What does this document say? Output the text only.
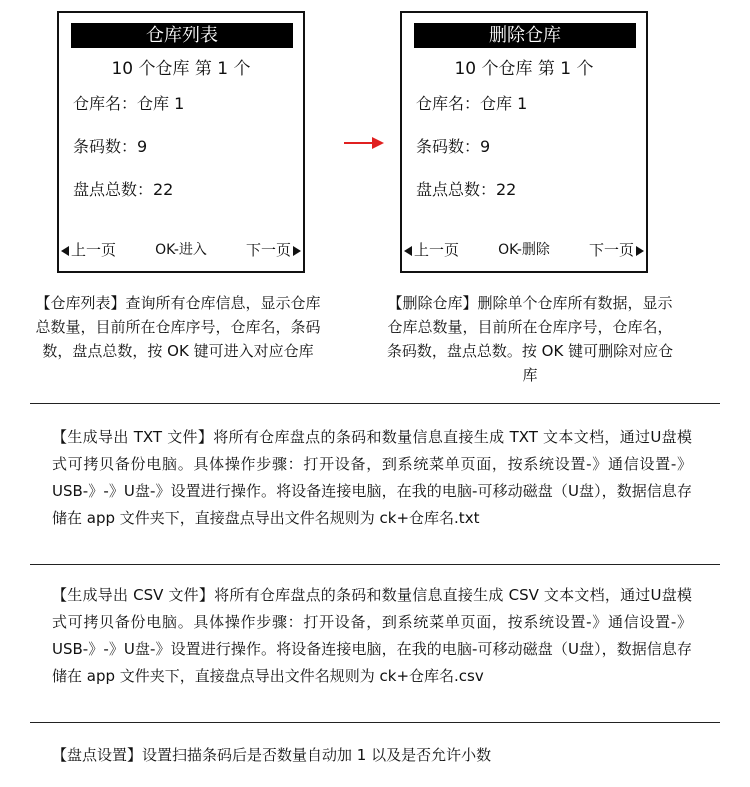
仓库列表
10 个仓库 第 1 个
仓库名：仓库 1
条码数：9
盘点总数：22
上一页	OK-进入	下一页
删除仓库
10 个仓库 第 1 个
仓库名：仓库 1
条码数：9
盘点总数：22
上一页	OK-删除	下一页
【仓库列表】查询所有仓库信息，显示仓库总数量，目前所在仓库序号，仓库名，条码数，盘点总数，按 OK 键可进入对应仓库
【删除仓库】删除单个仓库所有数据，显示仓库总数量，目前所在仓库序号，仓库名，条码数，盘点总数。按 OK 键可删除对应仓库
【生成导出 TXT 文件】将所有仓库盘点的条码和数量信息直接生成 TXT 文本文档，通过U盘模式可拷贝备份电脑。具体操作步骤：打开设备，到系统菜单页面，按系统设置-》通信设置-》USB-》-》U盘-》设置进行操作。将设备连接电脑，在我的电脑-可移动磁盘（U盘），数据信息存储在 app 文件夹下，直接盘点导出文件名规则为 ck+仓库名.txt
【生成导出 CSV 文件】将所有仓库盘点的条码和数量信息直接生成 CSV 文本文档，通过U盘模式可拷贝备份电脑。具体操作步骤：打开设备，到系统菜单页面，按系统设置-》通信设置-》USB-》-》U盘-》设置进行操作。将设备连接电脑，在我的电脑-可移动磁盘（U盘），数据信息存储在 app 文件夹下，直接盘点导出文件名规则为 ck+仓库名.csv
【盘点设置】设置扫描条码后是否数量自动加 1 以及是否允许小数
